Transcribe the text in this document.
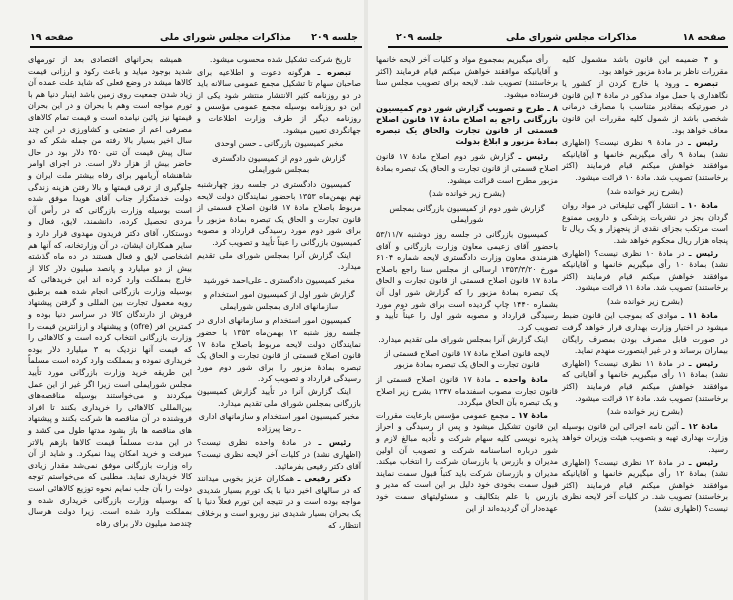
صفحه ۱۹	مذاکرات مجلس شورای ملی جلسه ۲۰۹

همیشه بحرانهای اقتصادی بعد از تورمهای شدید بوجود میاید و باعث رکود و ارزانی قیمت کالاها میشد در وضع فعلی که شاید علت عمده آن زیاد شدن جمعیت روی زمین باشد اینبار دنیا هم با تورم مواجه است وهم با بحران و در این بحران قیمتها نیز پائین نیامده است و قیمت تمام کالاهای مصرفی اعم از صنعتی و کشاورزی در این چند سال اخیر بسیار بالا رفته من جمله شکر که دو سال پیش قیمت آن تنی ۲۵۰ دلار بود در حال حاضر بیش از هزار دلار است. در اجرای اوامر شاهنشاه آریامهر برای رفاه بیشتر ملت ایران و جلوگیری از ترقی قیمتها و بالا رفتن هزینه زندگی دولت خدمتگزار جناب آقای هویدا موفق شده است بوسیله وزارت بازرگانی که در رأس آن مردی تحصیل کرده، دانشمند، لایق، فعال و دوستکار، آقای دکتر فریدون مهدوی قرار دارد و سایر همکاران ایشان، در آن وزارتخانه، که آنها هم اشخاصی لایق و فعال هستند در ده ماه گذشته بیش از دو میلیارد و پانصد میلیون دلار کالا از خارج بمملکت وارد کرده اند این خریدهائی که بوسیله وزارت بازرگانی انجام شده همه برطبق رویه معمول تجارت بین المللی و گرفتن پیشنهاد فروش از دارندگان کالا در سراسر دنیا بوده و کمترین افر (ofre) و پیشنهاد و ارزانترین قیمت را وزارت بازرگانی انتخاب کرده است و کالاهائی را که قیمت آنها نزدیک به ۳ میلیارد دلار بوده خریداری نموده و بمملکت وارد کرده است مسلماً این طریقه خرید وزارت بازرگانی مورد تأیید مجلس شورایملی است زیرا اگر غیر از این عمل میکردند و می‌خواستند بوسیله مناقصه‌های بین‌المللی کالاهائی را خریداری بکنند تا افراد فروشنده در آن مناقصه ها شرکت بکنند و پیشنهاد های مناقصه ها باز بشود مدتها طول می کشد و در این مدت مسلماً قیمت کالاها بازهم بالاتر میرفت و خرید امکان پیدا نمیکرد. و شاید از آن راه وزارت بازرگانی موفق نمی‌شد مقدار زیادی کالا خریداری نماید. مطلبی که می‌خواستم توجه دولت را بآن جلب نمایم نحوه توزیع کالاهائی است که بوسیله وزارت بازرگانی خریداری شده و بمملکت وارد شده است. زیرا دولت هرسال چندصد میلیون دلار برای رفاه

تاریخ شرکت تشکیل شده محسوب میشود.

تبصره ـ هرگونه دعوت و اطلاعیه برای صاحبان سهام تا تشکیل مجمع عمومی سالانه باید در دو روزنامه کثیر الانتشار منتشر شود یکی از این دو روزنامه بوسیله مجمع عمومی مؤسس و روزنامه دیگر از طرف وزارت اطلاعات و جهانگردی تعیین میشود.

مخبر کمیسیون بازرگانی ـ حسن اوحدی

گزارش شور دوم از کمیسیون دادگستری بمجلس شورایملی

کمیسیون دادگستری در جلسه روز چهارشنبه نهم بهمن‌ماه ۱۳۵۳ باحضور نمایندگان دولت لایحه مربوط باصلاح مادهٔ ۱۷ قانون اصلاح قسمتی از قانون تجارت و الحاق یک تبصره بمادهٔ مزبور را برای شور دوم مورد رسیدگی قرارداد و مصوبه کمیسیون بازرگانی را عیناً تأیید و تصویب کرد.

اینک گزارش آنرا بمجلس شورای ملی تقدیم میدارد.

مخبر کمیسیون دادگستری ـ علی‌احمد خورشید

گزارش شور اول از کمیسیون امور استخدام و سازمانهای اداری بمجلس شورایملی

کمیسیون امور استخدام و سازمانهای اداری در جلسه روز شنبه ۱۲ بهمن‌ماه ۱۳۵۳ با حضور نمایندگان دولت لایحه مربوط باصلاح مادهٔ ۱۷ قانون اصلاح قسمتی از قانون تجارت و الحاق یک تبصره بمادهٔ مزبور را برای شور دوم مورد رسیدگی قرارداد و تصویب کرد.

اینک گزارش آنرا در تأیید گزارش کمیسیون بازرگانی بمجلس شورای ملی تقدیم میدارد.

مخبر کمیسیون امور استخدام و سازمانهای اداری ـ رضا پیرزاده

رئیس ـ در مادهٔ واحده نظری نیست؟ (اظهاری نشد) در کلیات آخر لایحه نظری نیست؟ آقای دکتر رفیعی بفرمائید.

دکتر رفیعی ـ همکاران عزیز بخوبی میدانند که در سالهای اخیر دنیا با یک تورم بسیار شدیدی مواجه بوده است و در نتیجه این تورم فعلاً دنیا با یک بحران بسیار شدیدی نیز روبرو است و برخلاف انتظار، که

جلسه ۲۰۹	مذاکرات مجلس شورای ملی	صفحه ۱۸

رأی میگیریم بمجموع مواد و کلیات آخر لایحه خانمها و آقایانیکه موافقند خواهش میکنم قیام فرمایند (اکثر برخاستند) تصویب شد. لایحه برای تصویب مجلس سنا فرستاده میشود.

۸ ـ طرح و تصویب گزارش شور دوم کمیسیون بازرگانی راجع به اصلاح مادهٔ ۱۷ قانون اصلاح قسمتی از قانون تجارت والحاق یک تبصره بمادهٔ مزبور و ابلاغ بدولت

رئیس ـ گزارش شور دوم اصلاح مادهٔ ۱۷ قانون اصلاح قسمتی از قانون تجارت و الحاق یک تبصره بمادهٔ مزبور مطرح است قرائت میشود.

(بشرح زیر خوانده شد)

گزارش شور دوم از کمیسیون بازرگانی بمجلس شورایملی

کمیسیون بازرگانی در جلسه روز دوشنبه ۵۳/۱۱/۷ باحضور آقای زعیمی معاون وزارت بازرگانی و آقای هنرمندی معاون وزارت دادگستری لایحه شماره ۶۱۰۴ مورخ ۱۳۵۳/۳/۲۰ ارسالی از مجلس سنا راجع باصلاح مادهٔ ۱۷ قانون اصلاح قسمتی از قانون تجارت و الحاق یک تبصره بمادهٔ مزبور را که گزارش شور اول آن بشماره ۱۴۴۰ چاپ گردیده است برای شور دوم مورد رسیدگی قرارداد و مصوبه شور اول را عیناً تأیید و تصویب کرد.

اینک گزارش آنرا بمجلس شورای ملی تقدیم میدارد.

لایحه قانون اصلاح مادهٔ ۱۷ قانون اصلاح قسمتی از قانون تجارت و الحاق یک تبصره بمادهٔ مزبور

مادهٔ واحده ـ مادهٔ ۱۷ قانون اصلاح قسمتی از قانون تجارت مصوب اسفندماه ۱۳۴۷ بشرح زیر اصلاح و یک تبصره بآن الحاق میگردد.

مادهٔ ۱۷ ـ مجمع عمومی مؤسس بارعایت مقررات این قانون تشکیل میشود و پس از رسیدگی و احراز پذیره نویسی کلیه سهام شرکت و تأدیه مبالغ لازم و شور درباره اساسنامه شرکت و تصویب آن اولین مدیران و بازرس یا بازرسان شرکت را انتخاب میکند. مدیران و بازرسان شرکت باید کتباً قبول سمت نمایند قبول سمت بخودی خود دلیل بر این است که مدیر و بازرس با علم بتکالیف و مسئولیتهای سمت خود عهده‌دار آن گردیده‌اند از این

و ۴ ضمیمه این قانون باشد مشمول کلیه مقررات ناظر بر مادهٔ مزبور خواهد بود.

تبصره ـ ورود یا خارج کردن از کشور یا نگاهداری یا حمل مواد مذکور در مادهٔ ۴ این قانون در صورتیکه بمقادیر متناسب با مصارف درمانی شخصی باشد از شمول کلیه مقررات این قانون معاف خواهد بود.

رئیس ـ در مادهٔ ۹ نظری نیست؟ (اظهاری نشد) بمادهٔ ۹ رأی میگیریم خانمها و آقایانیکه موافقند خواهش میکنم قیام فرمایند (اکثر برخاستند) تصویب شد. مادهٔ ۱۰ قرائت میشود.

(بشرح زیر خوانده شد)

مادهٔ ۱۰ ـ انتشار آگهی تبلیغاتی در مواد روان گردان بجز در نشریات پزشکی و دارویی ممنوع است مرتکب بجزای نقدی از پنجهزار و یک ریال تا پنجاه هزار ریال محکوم خواهد شد.

رئیس ـ در مادهٔ ۱۰ نظری نیست؟ (اظهاری نشد) بمادهٔ ۱۰ رأی میگیریم خانمها و آقایانیکه موافقند خواهش میکنم قیام فرمایند (اکثر برخاستند) تصویب شد. مادهٔ ۱۱ قرائت میشود.

(بشرح زیر خوانده شد)

مادهٔ ۱۱ ـ موادی که بموجب این قانون ضبط میشود در اختیار وزارت بهداری قرار خواهد گرفت در صورت قابل مصرف بودن بمصرف رایگان بیماران برساند و در غیر اینصورت منهدم نماید.

رئیس ـ در مادهٔ ۱۱ نظری نیست؟ (اظهاری نشد) بمادهٔ ۱۱ رأی میگیریم خانمها و آقایانی که موافقند خواهش میکنم قیام فرمایند (اکثر برخاستند) تصویب شد. مادهٔ ۱۲ قرائت میشود.

(بشرح زیر خوانده شد)

مادهٔ ۱۲ ـ آئین نامه اجرائی این قانون بوسیله وزارت بهداری تهیه و بتصویب هیئت وزیران خواهد رسید.

رئیس ـ در مادهٔ ۱۲ نظری نیست؟ (اظهاری نشد) بمادهٔ ۱۲ رأی میگیریم خانمها و آقایانیکه موافقند خواهش میکنم قیام فرمایند (اکثر برخاستند) تصویب شد. در کلیات آخر لایحه نظری نیست؟ (اظهاری نشد)
